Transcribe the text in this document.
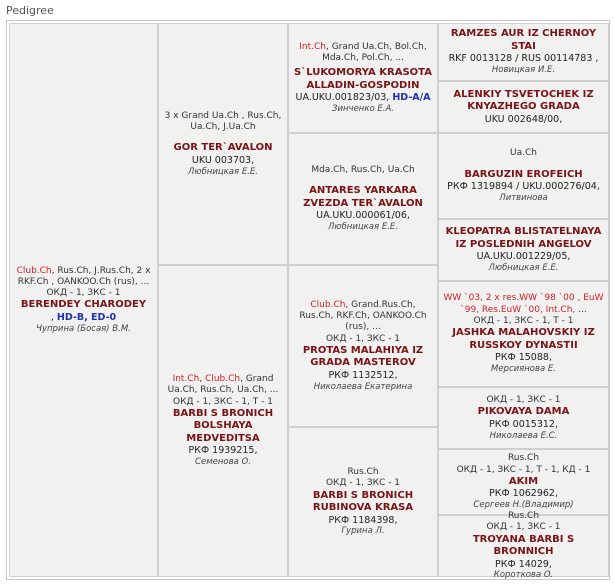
Pedigree
Club.Ch, Rus.Ch, J.Rus.Ch, 2 x RKF.Ch , OANKOO.Ch (rus), ...
ОКД - 1, ЗКС - 1
BERENDEY CHARODEY
, HD-B, ED-0
Чуприна (Босая) В.М.
3 x Grand Ua.Ch , Rus.Ch, Ua.Ch, J.Ua.Ch
GOR TER`AVALON
UKU 003703,
Любницкая Е.Е.
Int.Ch, Club.Ch, Grand Ua.Ch, Rus.Ch, Ua.Ch, ...
ОКД - 1, ЗКС - 1, Т - 1
BARBI S BRONICH BOLSHAYA MEDVEDITSA
РКФ 1939215,
Семенова О.
Int.Ch, Grand Ua.Ch, Bol.Ch, Mda.Ch, Pol.Ch, ...
S`LUKOMORYA KRASOTA ALLADIN-GOSPODIN
UA.UKU.001823/03, HD-A/A
Зинченко Е.А.
Mda.Ch, Rus.Ch, Ua.Ch
ANTARES YARKARA ZVEZDA TER`AVALON
UA.UKU.000061/06,
Любницкая Е.Е.
Club.Ch, Grand.Rus.Ch, Rus.Ch, RKF.Ch, OANKOO.Ch (rus), ...
ОКД - 1, ЗКС - 1
PROTAS MALAHIYA IZ GRADA MASTEROV
РКФ 1132512,
Николаева Екатерина
Rus.Ch
ОКД - 1, ЗКС - 1
BARBI S BRONICH RUBINOVA KRASA
РКФ 1184398,
Гурина Л.
RAMZES AUR IZ CHERNOY STAI
RKF 0013128 / RUS 00114783 ,
Новицкая И.Е.
ALENKIY TSVETOCHEK IZ KNYAZHEGO GRADA
UKU 002648/00,
Ua.Ch
BARGUZIN EROFEICH
РКФ 1319894 / UKU.000276/04,
Литвинова
KLEOPATRA BLISTATELNAYA IZ POSLEDNIH ANGELOV
UA.UKU.001229/05,
Любницкая Е.Е.
WW `03, 2 x res.WW `98 `00 , EuW `99, Res.EuW `00, Int.Ch, ...
ОКД - 1, ЗКС - 1, Т - 1
JASHKA MALAHOVSKIY IZ RUSSKOY DYNASTII
РКФ 15088,
Мерсиянова Е.
ОКД - 1, ЗКС - 1
PIKOVAYA DAMA
РКФ 0015312,
Николаева Е.С.
Rus.Ch
ОКД - 1, ЗКС - 1, Т - 1, КД - 1
AKIM
РКФ 1062962,
Сергеев Н.(Владимир)
Rus.Ch
ОКД - 1, ЗКС - 1
TROYANA BARBI S BRONNICH
РКФ 14029,
Короткова О.
